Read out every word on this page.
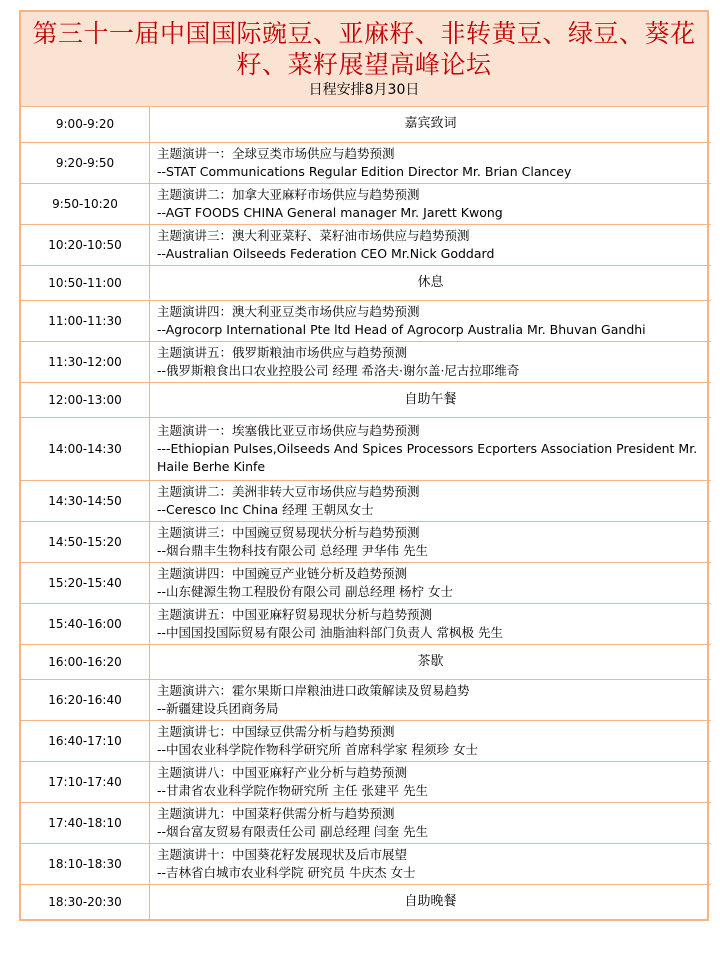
第三十一届中国国际豌豆、亚麻籽、非转黄豆、绿豆、葵花籽、菜籽展望高峰论坛
日程安排8月30日
9:00-9:20	嘉宾致词

9:20-9:50	主题演讲一：全球豆类市场供应与趋势预测
--STAT Communications Regular Edition Director Mr. Brian Clancey

9:50-10:20	主题演讲二：加拿大亚麻籽市场供应与趋势预测
--AGT FOODS CHINA General manager Mr. Jarett Kwong

10:20-10:50	主题演讲三：澳大利亚菜籽、菜籽油市场供应与趋势预测
--Australian Oilseeds Federation CEO Mr.Nick Goddard

10:50-11:00	休息

11:00-11:30	主题演讲四：澳大利亚豆类市场供应与趋势预测
--Agrocorp International Pte ltd Head of Agrocorp Australia Mr. Bhuvan Gandhi

11:30-12:00	主题演讲五：俄罗斯粮油市场供应与趋势预测
--俄罗斯粮食出口农业控股公司 经理 希洛夫·谢尔盖·尼古拉耶维奇

12:00-13:00	自助午餐

14:00-14:30	主题演讲一：埃塞俄比亚豆市场供应与趋势预测
---Ethiopian Pulses,Oilseeds And Spices Processors Ecporters Association President Mr. Haile Berhe Kinfe

14:30-14:50	主题演讲二：美洲非转大豆市场供应与趋势预测
--Ceresco Inc China 经理 王朝凤女士

14:50-15:20	主题演讲三：中国豌豆贸易现状分析与趋势预测
--烟台鼎丰生物科技有限公司 总经理 尹华伟 先生

15:20-15:40	主题演讲四：中国豌豆产业链分析及趋势预测
--山东健源生物工程股份有限公司 副总经理 杨柠 女士

15:40-16:00	主题演讲五：中国亚麻籽贸易现状分析与趋势预测
--中国国投国际贸易有限公司 油脂油料部门负责人 常枫极 先生

16:00-16:20	茶歇

16:20-16:40	主题演讲六：霍尔果斯口岸粮油进口政策解读及贸易趋势
--新疆建设兵团商务局

16:40-17:10	主题演讲七：中国绿豆供需分析与趋势预测
--中国农业科学院作物科学研究所 首席科学家 程须珍 女士

17:10-17:40	主题演讲八：中国亚麻籽产业分析与趋势预测
--甘肃省农业科学院作物研究所 主任 张建平 先生

17:40-18:10	主题演讲九：中国菜籽供需分析与趋势预测
--烟台富友贸易有限责任公司 副总经理 闫奎 先生

18:10-18:30	主题演讲十：中国葵花籽发展现状及后市展望
--吉林省白城市农业科学院 研究员 牛庆杰 女士

18:30-20:30	自助晚餐
